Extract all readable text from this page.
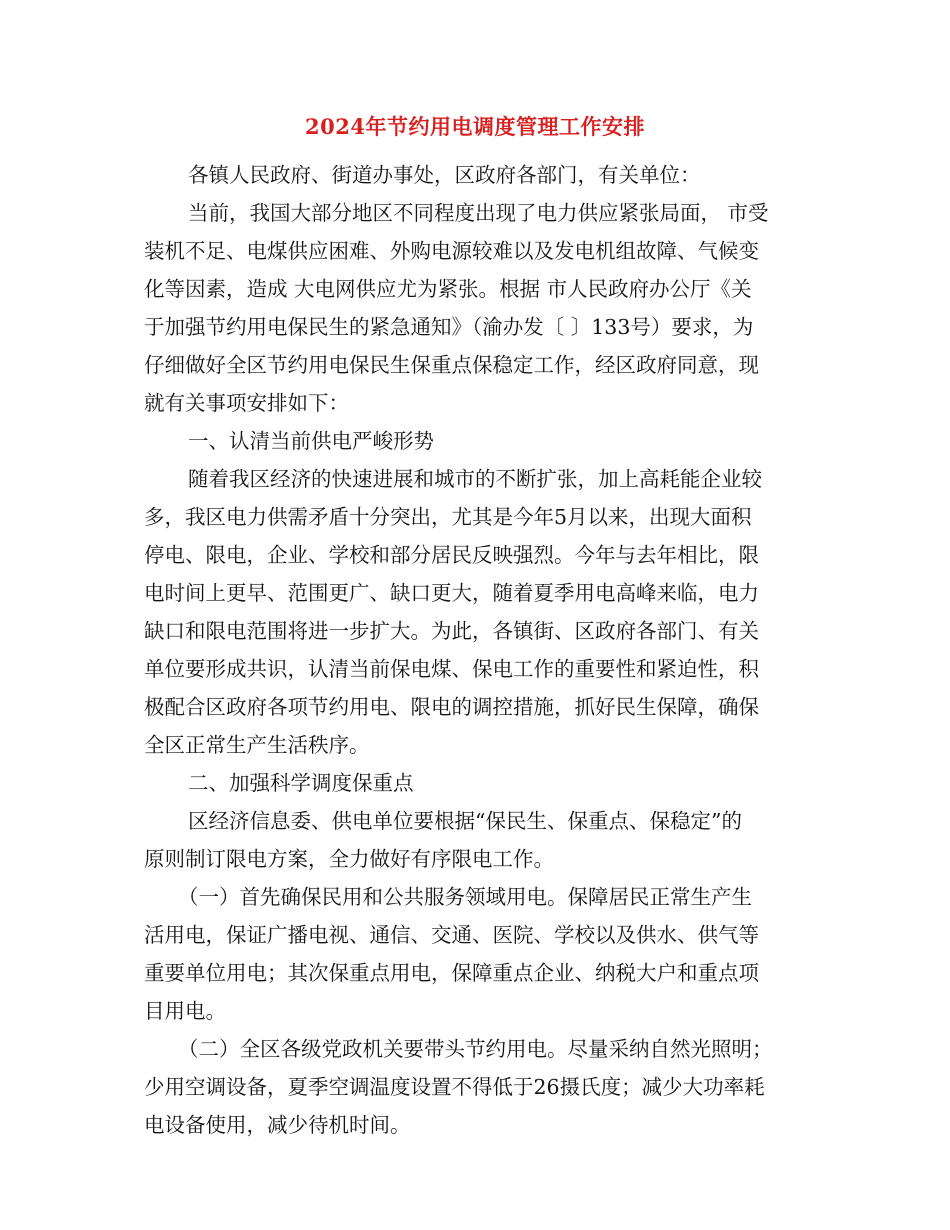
2024年节约用电调度管理工作安排
各镇人民政府、街道办事处，区政府各部门，有关单位：
当前，我国大部分地区不同程度出现了电力供应紧张局面， 市受
装机不足、电煤供应困难、外购电源较难以及发电机组故障、气候变
化等因素，造成 大电网供应尤为紧张。根据 市人民政府办公厅《关
于加强节约用电保民生的紧急通知》（渝办发〔 〕133号）要求，为
仔细做好全区节约用电保民生保重点保稳定工作，经区政府同意，现
就有关事项安排如下：
一、认清当前供电严峻形势
随着我区经济的快速进展和城市的不断扩张，加上高耗能企业较
多，我区电力供需矛盾十分突出，尤其是今年5月以来，出现大面积
停电、限电，企业、学校和部分居民反映强烈。今年与去年相比，限
电时间上更早、范围更广、缺口更大，随着夏季用电高峰来临，电力
缺口和限电范围将进一步扩大。为此，各镇街、区政府各部门、有关
单位要形成共识，认清当前保电煤、保电工作的重要性和紧迫性，积
极配合区政府各项节约用电、限电的调控措施，抓好民生保障，确保
全区正常生产生活秩序。
二、加强科学调度保重点
区经济信息委、供电单位要根据“保民生、保重点、保稳定”的
原则制订限电方案，全力做好有序限电工作。
（一）首先确保民用和公共服务领域用电。保障居民正常生产生
活用电，保证广播电视、通信、交通、医院、学校以及供水、供气等
重要单位用电；其次保重点用电，保障重点企业、纳税大户和重点项
目用电。
（二）全区各级党政机关要带头节约用电。尽量采纳自然光照明；
少用空调设备，夏季空调温度设置不得低于26摄氏度；减少大功率耗
电设备使用，减少待机时间。
